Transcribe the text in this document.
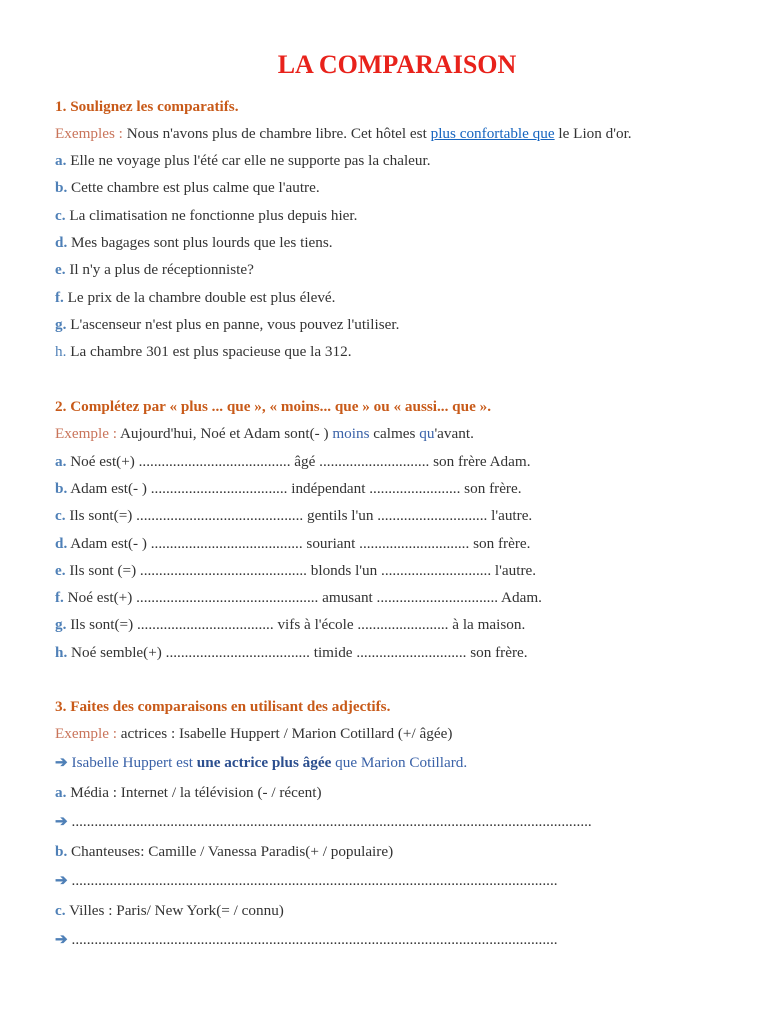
LA COMPARAISON

1. Soulignez les comparatifs.

Exemples : Nous n'avons plus de chambre libre. Cet hôtel est plus confortable que le Lion d'or.

a. Elle ne voyage plus l'été car elle ne supporte pas la chaleur.

b. Cette chambre est plus calme que l'autre.

c. La climatisation ne fonctionne plus depuis hier.

d. Mes bagages sont plus lourds que les tiens.

e. Il n'y a plus de réceptionniste?

f. Le prix de la chambre double est plus élevé.

g. L'ascenseur n'est plus en panne, vous pouvez l'utiliser.

h. La chambre 301 est plus spacieuse que la 312.

2. Complétez par « plus ... que », « moins... que » ou « aussi... que ».

Exemple : Aujourd'hui, Noé et Adam sont(- ) moins calmes qu'avant.

a. Noé est(+) ........................................ âgé ............................. son frère Adam.

b. Adam est(- ) .................................... indépendant ........................ son frère.

c. Ils sont(=) ............................................ gentils l'un ............................. l'autre.

d. Adam est(- ) ........................................ souriant ............................. son frère.

e. Ils sont (=) ............................................ blonds l'un ............................. l'autre.

f. Noé est(+) ................................................ amusant ................................ Adam.

g. Ils sont(=) .................................... vifs à l'école ........................ à la maison.

h. Noé semble(+) ...................................... timide ............................. son frère.

3. Faites des comparaisons en utilisant des adjectifs.

Exemple : actrices : Isabelle Huppert / Marion Cotillard (+/ âgée)

➔ Isabelle Huppert est une actrice plus âgée que Marion Cotillard.

a. Média : Internet / la télévision (- / récent)

➔ .........................................................................................................................................

b. Chanteuses: Camille / Vanessa Paradis(+ / populaire)

➔ ................................................................................................................................

c. Villes : Paris/ New York(= / connu)

➔ ................................................................................................................................
